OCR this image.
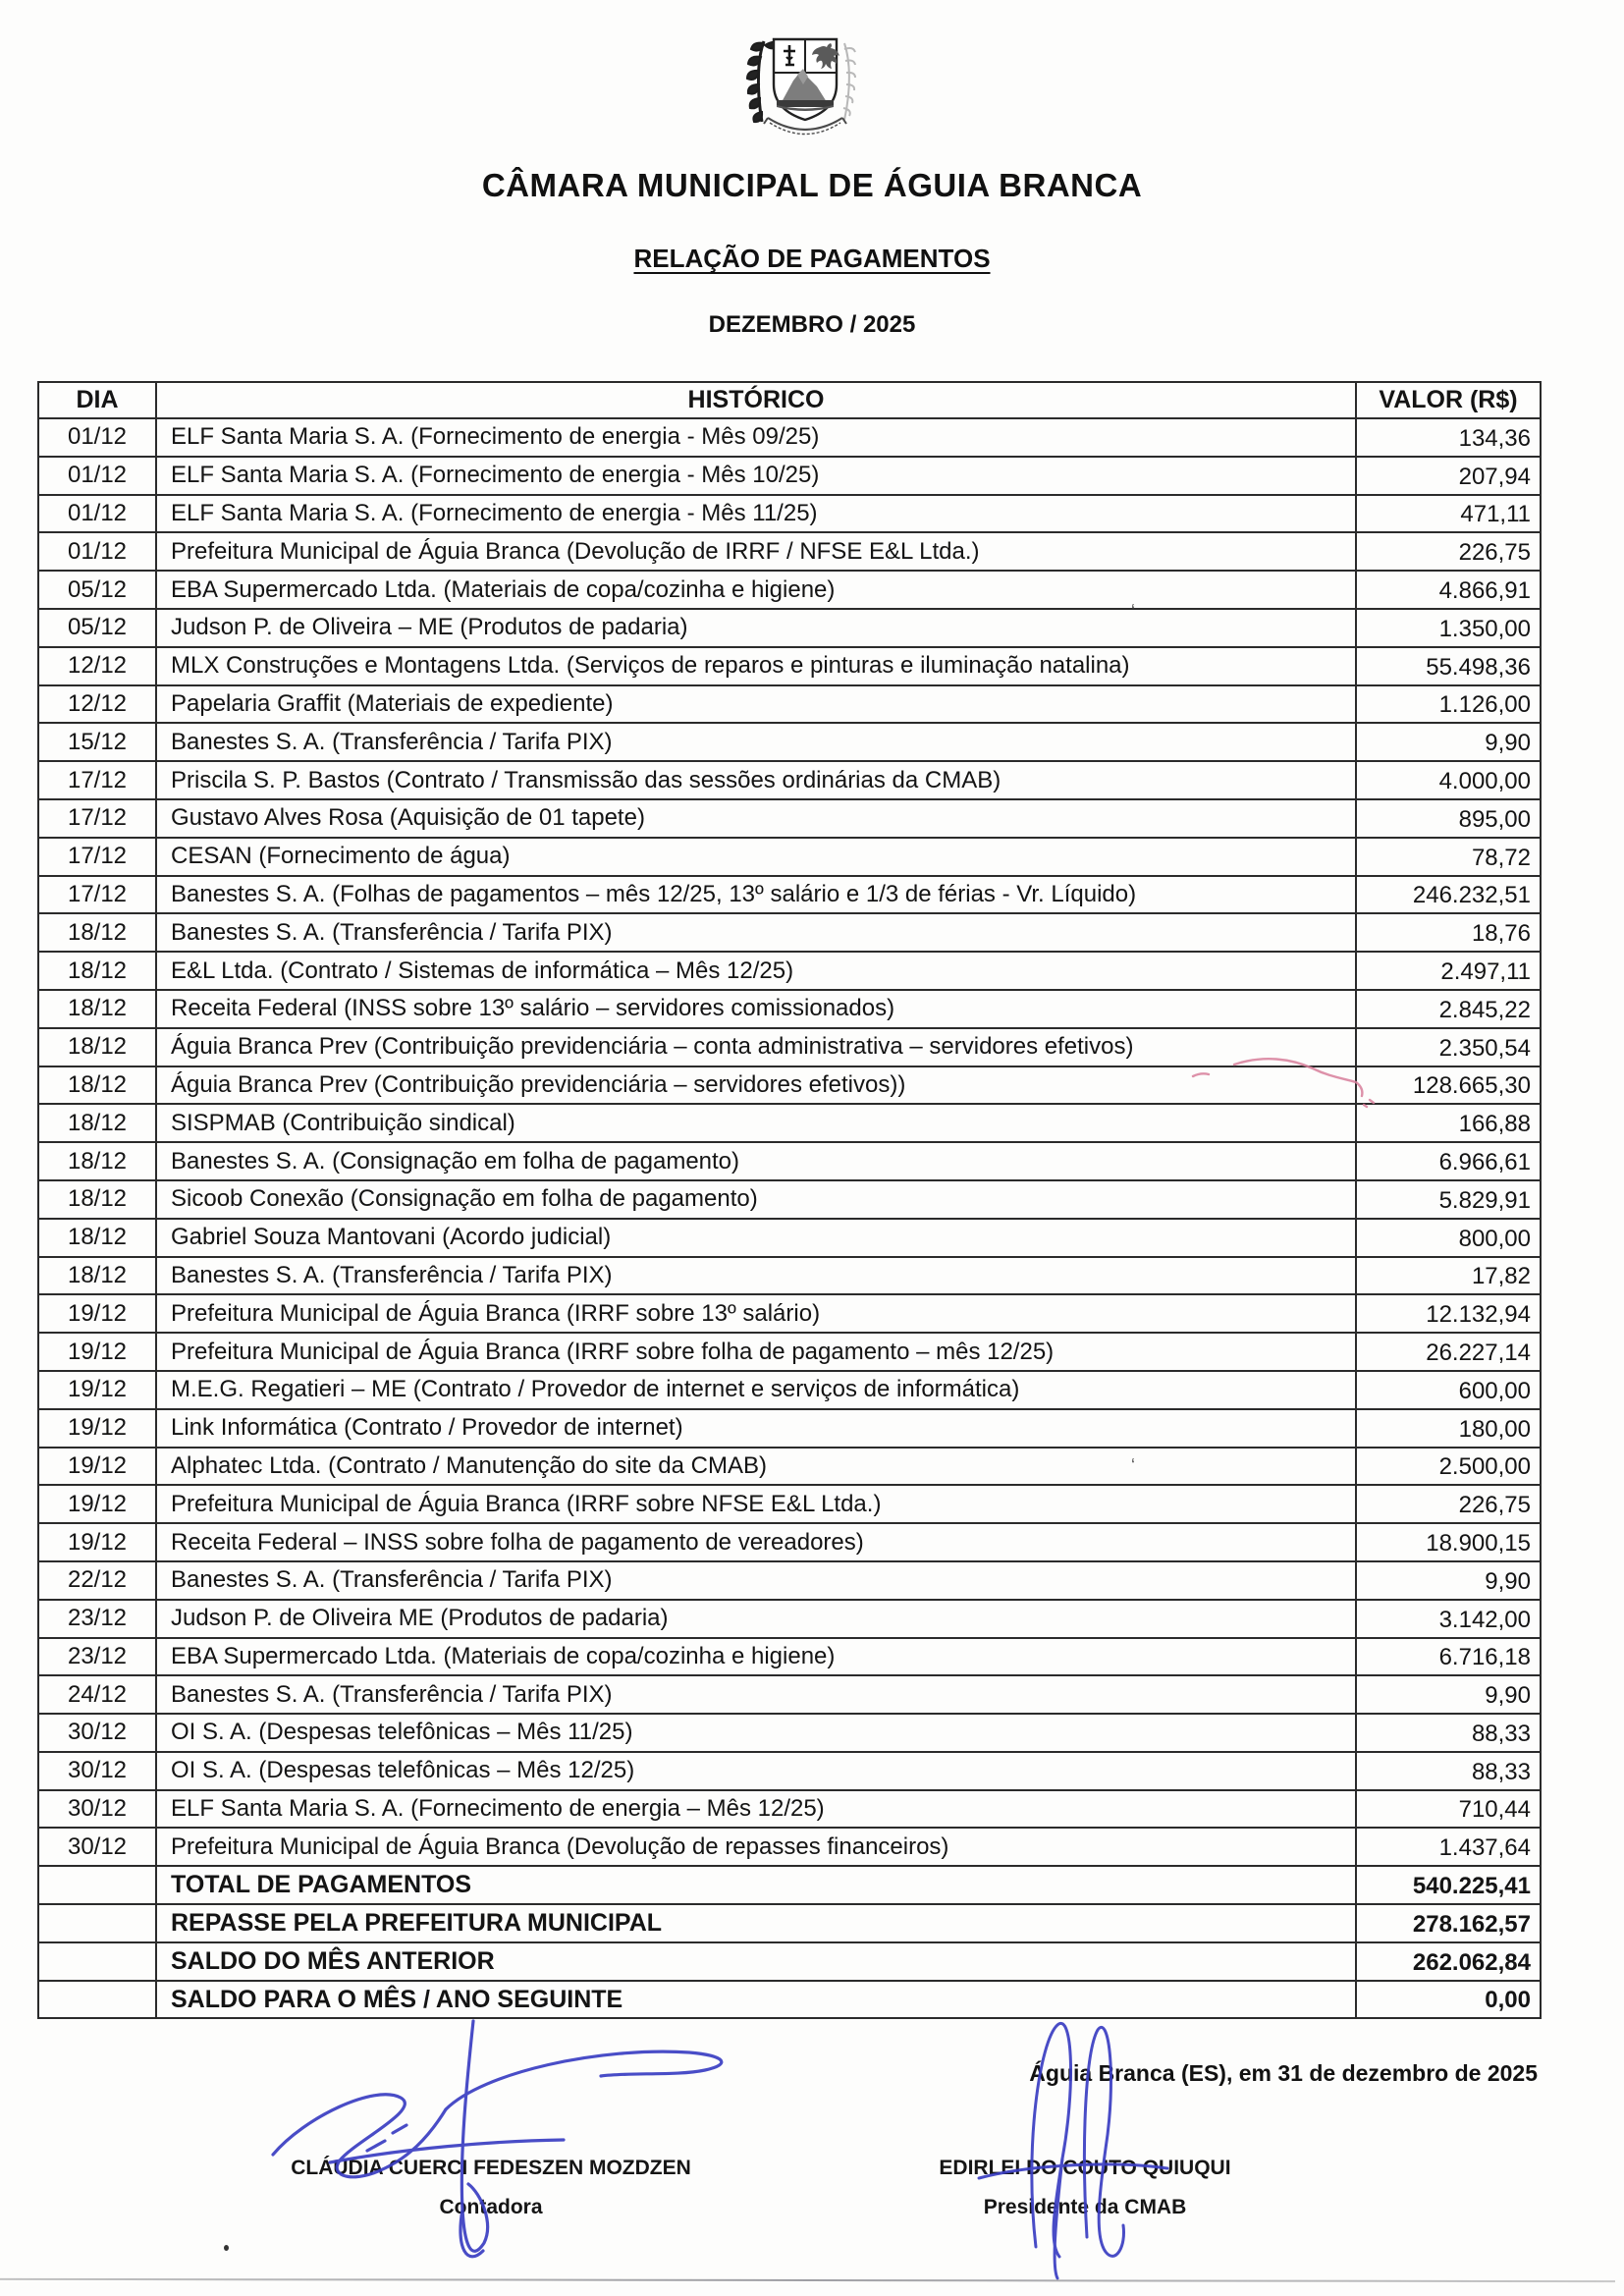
CÂMARA MUNICIPAL DE ÁGUIA BRANCA
RELAÇÃO DE PAGAMENTOS
DEZEMBRO / 2025
DIA	HISTÓRICO	VALOR (R$)
01/12	ELF Santa Maria S. A. (Fornecimento de energia - Mês 09/25)	134,36
01/12	ELF Santa Maria S. A. (Fornecimento de energia - Mês 10/25)	207,94
01/12	ELF Santa Maria S. A. (Fornecimento de energia - Mês 11/25)	471,11
01/12	Prefeitura Municipal de Águia Branca (Devolução de IRRF / NFSE E&L Ltda.)	226,75
05/12	EBA Supermercado Ltda. (Materiais de copa/cozinha e higiene)	4.866,91
05/12	Judson P. de Oliveira – ME (Produtos de padaria)	1.350,00
12/12	MLX Construções e Montagens Ltda. (Serviços de reparos e pinturas e iluminação natalina)	55.498,36
12/12	Papelaria Graffit (Materiais de expediente)	1.126,00
15/12	Banestes S. A. (Transferência / Tarifa PIX)	9,90
17/12	Priscila S. P. Bastos (Contrato / Transmissão das sessões ordinárias da CMAB)	4.000,00
17/12	Gustavo Alves Rosa (Aquisição de 01 tapete)	895,00
17/12	CESAN (Fornecimento de água)	78,72
17/12	Banestes S. A. (Folhas de pagamentos – mês 12/25, 13º salário e 1/3 de férias - Vr. Líquido)	246.232,51
18/12	Banestes S. A. (Transferência / Tarifa PIX)	18,76
18/12	E&L Ltda. (Contrato / Sistemas de informática – Mês 12/25)	2.497,11
18/12	Receita Federal (INSS sobre 13º salário – servidores comissionados)	2.845,22
18/12	Águia Branca Prev (Contribuição previdenciária – conta administrativa – servidores efetivos)	2.350,54
18/12	Águia Branca Prev (Contribuição previdenciária – servidores efetivos))	128.665,30
18/12	SISPMAB (Contribuição sindical)	166,88
18/12	Banestes S. A. (Consignação em folha de pagamento)	6.966,61
18/12	Sicoob Conexão (Consignação em folha de pagamento)	5.829,91
18/12	Gabriel Souza Mantovani (Acordo judicial)	800,00
18/12	Banestes S. A. (Transferência / Tarifa PIX)	17,82
19/12	Prefeitura Municipal de Águia Branca (IRRF sobre 13º salário)	12.132,94
19/12	Prefeitura Municipal de Águia Branca (IRRF sobre folha de pagamento – mês 12/25)	26.227,14
19/12	M.E.G. Regatieri – ME (Contrato / Provedor de internet e serviços de informática)	600,00
19/12	Link Informática (Contrato / Provedor de internet)	180,00
19/12	Alphatec Ltda. (Contrato / Manutenção do site da CMAB)	2.500,00
19/12	Prefeitura Municipal de Águia Branca (IRRF sobre NFSE E&L Ltda.)	226,75
19/12	Receita Federal – INSS sobre folha de pagamento de vereadores)	18.900,15
22/12	Banestes S. A. (Transferência / Tarifa PIX)	9,90
23/12	Judson P. de Oliveira ME (Produtos de padaria)	3.142,00
23/12	EBA Supermercado Ltda. (Materiais de copa/cozinha e higiene)	6.716,18
24/12	Banestes S. A. (Transferência / Tarifa PIX)	9,90
30/12	OI S. A. (Despesas telefônicas – Mês 11/25)	88,33
30/12	OI S. A. (Despesas telefônicas – Mês 12/25)	88,33
30/12	ELF Santa Maria S. A. (Fornecimento de energia – Mês 12/25)	710,44
30/12	Prefeitura Municipal de Águia Branca (Devolução de repasses financeiros)	1.437,64
	TOTAL DE PAGAMENTOS	540.225,41
	REPASSE PELA PREFEITURA MUNICIPAL	278.162,57
	SALDO DO MÊS ANTERIOR	262.062,84
	SALDO PARA O MÊS / ANO SEGUINTE	0,00
Águia Branca (ES), em 31 de dezembro de 2025
CLÁUDIA CUERCI FEDESZEN MOZDZEN
Contadora
EDIRLEI DO COUTO QUIUQUI
Presidente da CMAB
‘
‘
